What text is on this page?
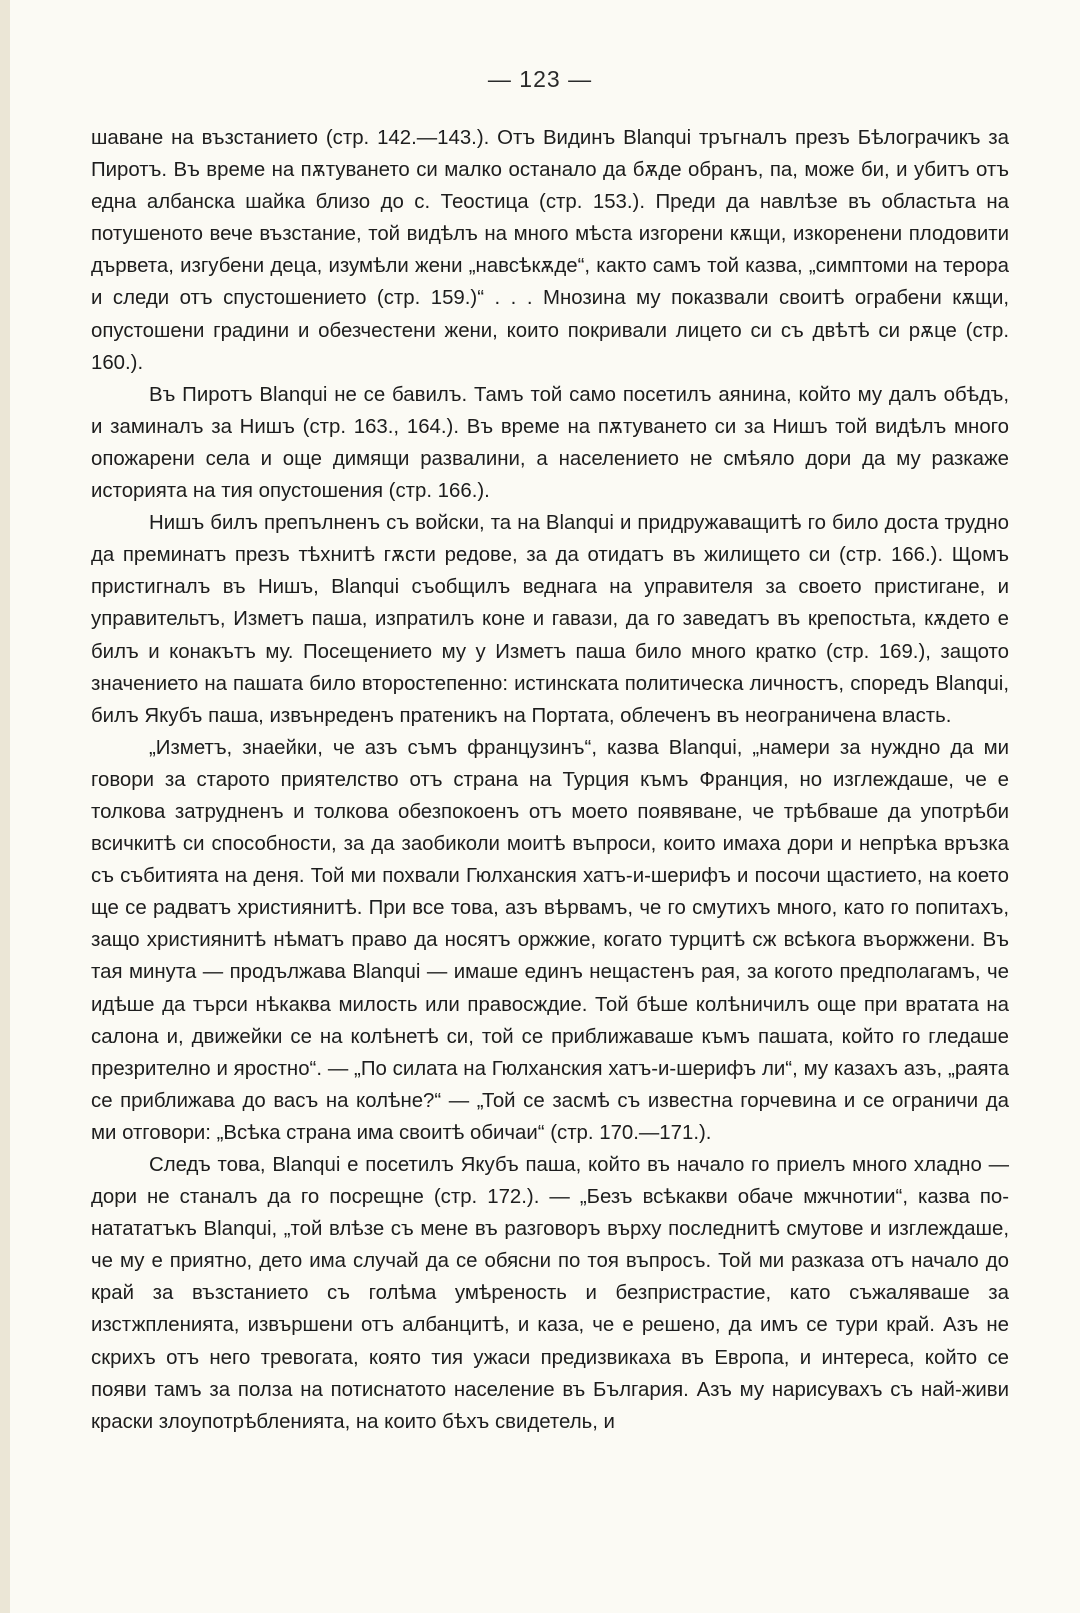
— 123 —

шаване на възстанието (стр. 142.—143.). Отъ Видинъ Blanqui тръгналъ презъ Бѣлограчикъ за Пиротъ. Въ време на пѫтуването си малко останало да бѫде обранъ, па, може би, и убитъ отъ една албанска шайка близо до с. Теостица (стр. 153.). Преди да навлѣзе въ областьта на потушеното вече възстание, той видѣлъ на много мѣста изгорени кѫщи, изкоренени плодовити дървета, изгубени деца, изумѣли жени „навсѣкѫде“, както самъ той казва, „симптоми на терора и следи отъ спустошението (стр. 159.)“ . . . Мнозина му показвали своитѣ ограбени кѫщи, опустошени градини и обезчестени жени, които покривали лицето си съ двѣтѣ си рѫце (стр. 160.).

Въ Пиротъ Blanqui не се бавилъ. Тамъ той само посетилъ аянина, който му далъ обѣдъ, и заминалъ за Нишъ (стр. 163., 164.). Въ време на пѫтуването си за Нишъ той видѣлъ много опожарени села и още димящи развалини, а населението не смѣяло дори да му разкаже историята на тия опустошения (стр. 166.).

Нишъ билъ препълненъ съ войски, та на Blanqui и придружаващитѣ го било доста трудно да преминатъ презъ тѣхнитѣ гѫсти редове, за да отидатъ въ жилището си (стр. 166.). Щомъ пристигналъ въ Нишъ, Blanqui съобщилъ веднага на управителя за своето пристигане, и управительтъ, Изметъ паша, изпратилъ коне и гавази, да го заведатъ въ крепостьта, кѫдето е билъ и конакътъ му. Посещението му у Изметъ паша било много кратко (стр. 169.), защото значението на пашата било второстепенно: истинската политическа личностъ, споредъ Blanqui, билъ Якубъ паша, извънреденъ пратеникъ на Портата, облеченъ въ неограничена власть.

„Изметъ, знаейки, че азъ съмъ французинъ“, казва Blanqui, „намери за нуждно да ми говори за старото приятелство отъ страна на Турция къмъ Франция, но изглеждаше, че е толкова затрудненъ и толкова обезпокоенъ отъ моето появяване, че трѣбваше да употрѣби всичкитѣ си способности, за да заобиколи моитѣ въпроси, които имаха дори и непрѣка връзка съ събитията на деня. Той ми похвали Гюлханския хатъ-и-шерифъ и посочи щастието, на което ще се радватъ християнитѣ. При все това, азъ вѣрвамъ, че го смутихъ много, като го попитахъ, защо християнитѣ нѣматъ право да носятъ оржжие, когато турцитѣ сж всѣкога въоржжени. Въ тая минута — продължава Blanqui — имаше единъ нещастенъ рая, за когото предполагамъ, че идѣше да търси нѣкаква милость или правосждие. Той бѣше колѣничилъ още при вратата на салона и, движейки се на колѣнетѣ си, той се приближаваше къмъ пашата, който го гледаше презрително и яростно“. — „По силата на Гюлханския хатъ-и-шерифъ ли“, му казахъ азъ, „раята се приближава до васъ на колѣне?“ — „Той се засмѣ съ известна горчевина и се ограничи да ми отговори: „Всѣка страна има своитѣ обичаи“ (стр. 170.—171.).

Следъ това, Blanqui е посетилъ Якубъ паша, който въ начало го приелъ много хладно — дори не станалъ да го посрещне (стр. 172.). — „Безъ всѣкакви обаче мжчнотии“, казва по-натататъкъ Blanqui, „той влѣзе съ мене въ разговоръ върху последнитѣ смутове и изглеждаше, че му е приятно, дето има случай да се обясни по тоя въпросъ. Той ми разказа отъ начало до край за възстанието съ голѣма умѣреность и безпристрастие, като съжаляваше за изстжпленията, извършени отъ албанцитѣ, и каза, че е решено, да имъ се тури край. Азъ не скрихъ отъ него тревогата, която тия ужаси предизвикаха въ Европа, и интереса, който се появи тамъ за полза на потиснатото население въ България. Азъ му нарисувахъ съ най-живи краски злоупотрѣбленията, на които бѣхъ свидетель, и
